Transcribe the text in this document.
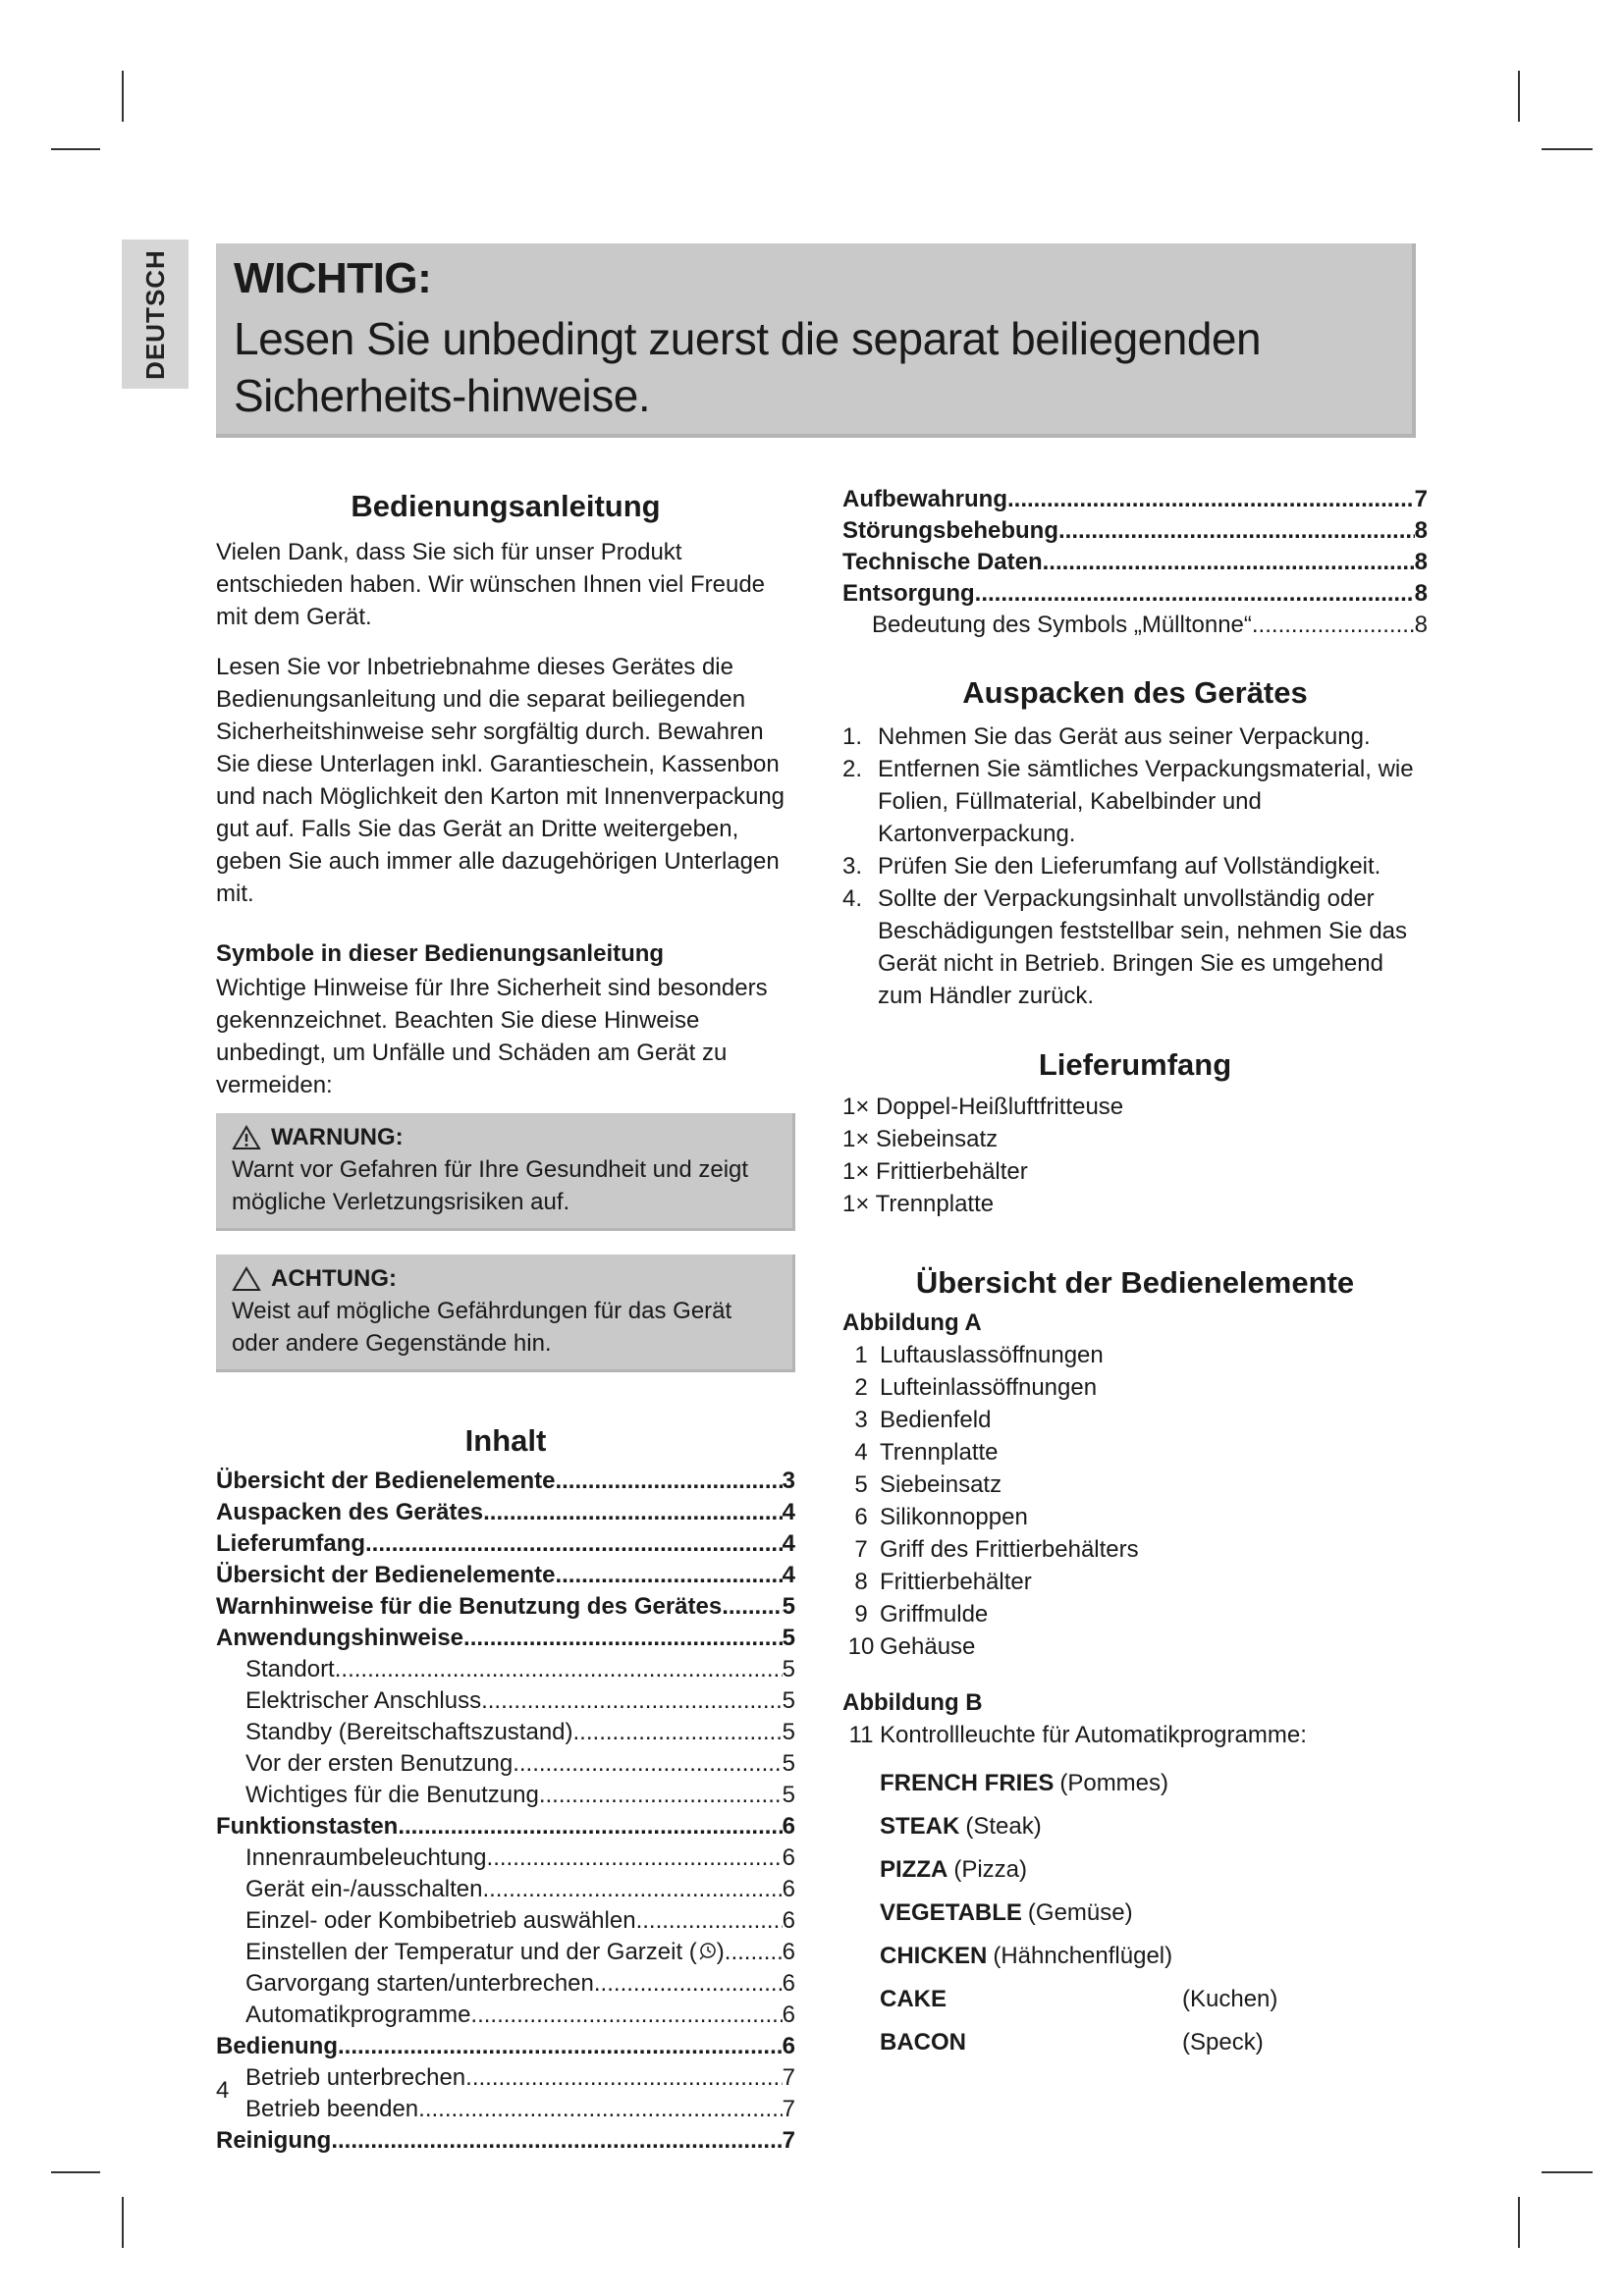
DEUTSCH WICHTIG:

Lesen Sie unbedingt zuerst die separat beiliegenden Sicherheits-hinweise.

Bedienungsanleitung

Vielen Dank, dass Sie sich für unser Produkt entschieden haben. Wir wünschen Ihnen viel Freude mit dem Gerät.

Lesen Sie vor Inbetriebnahme dieses Gerätes die Bedienungsanleitung und die separat beiliegenden Sicherheitshinweise sehr sorgfältig durch. Bewahren Sie diese Unterlagen inkl. Garantieschein, Kassenbon und nach Möglichkeit den Karton mit Innenverpackung gut auf. Falls Sie das Gerät an Dritte weitergeben, geben Sie auch immer alle dazugehörigen Unterlagen mit.

Symbole in dieser Bedienungsanleitung
Wichtige Hinweise für Ihre Sicherheit sind besonders gekennzeichnet. Beachten Sie diese Hinweise unbedingt, um Unfälle und Schäden am Gerät zu vermeiden:
WARNUNG:
Warnt vor Gefahren für Ihre Gesundheit und zeigt mögliche Verletzungsrisiken auf.
ACHTUNG:
Weist auf mögliche Gefährdungen für das Gerät oder andere Gegenstände hin.
Inhalt
Übersicht der Bedienelemente .....	3
Auspacken des Gerätes .....	4
Lieferumfang .....	4
Übersicht der Bedienelemente .....	4
Warnhinweise für die Benutzung des Gerätes .....	5
Anwendungshinweise .....	5
Standort .....	5
Elektrischer Anschluss .....	5
Standby (Bereitschaftszustand) .....	5
Vor der ersten Benutzung .....	5
Wichtiges für die Benutzung .....	5
Funktionstasten .....	6
Innenraumbeleuchtung .....	6
Gerät ein-/ausschalten .....	6
Einzel- oder Kombibetrieb auswählen .....	6
Einstellen der Temperatur und der Garzeit ( ) ..... 6
Garvorgang starten/unterbrechen .....	6
Automatikprogramme .....	6
Bedienung .....	6
Betrieb unterbrechen .....	7
Betrieb beenden .....	7
Reinigung .....	7
4
Aufbewahrung .....	7
Störungsbehebung .....	8
Technische Daten .....	8
Entsorgung .....	8
Bedeutung des Symbols „Mülltonne“ .....	8
Auspacken des Gerätes
1. Nehmen Sie das Gerät aus seiner Verpackung.
2. Entfernen Sie sämtliches Verpackungsmaterial, wie Folien, Füllmaterial, Kabelbinder und Kartonverpackung.
3. Prüfen Sie den Lieferumfang auf Vollständigkeit.
4. Sollte der Verpackungsinhalt unvollständig oder Beschädigungen feststellbar sein, nehmen Sie das Gerät nicht in Betrieb. Bringen Sie es umgehend zum Händler zurück.
Lieferumfang
1× Doppel-Heißluftfritteuse
1× Siebeinsatz
1× Frittierbehälter
1× Trennplatte
Übersicht der Bedienelemente
Abbildung A
1 Luftauslassöffnungen
2 Lufteinlassöffnungen
3 Bedienfeld
4 Trennplatte
5 Siebeinsatz
6 Silikonnoppen
7 Griff des Frittierbehälters
8 Frittierbehälter
9 Griffmulde
10 Gehäuse
Abbildung B
11 Kontrollleuchte für Automatikprogramme:
FRENCH FRIES (Pommes)
STEAK (Steak)
PIZZA (Pizza)
VEGETABLE (Gemüse)
CHICKEN (Hähnchenflügel)
CAKE	(Kuchen)
BACON	(Speck)
